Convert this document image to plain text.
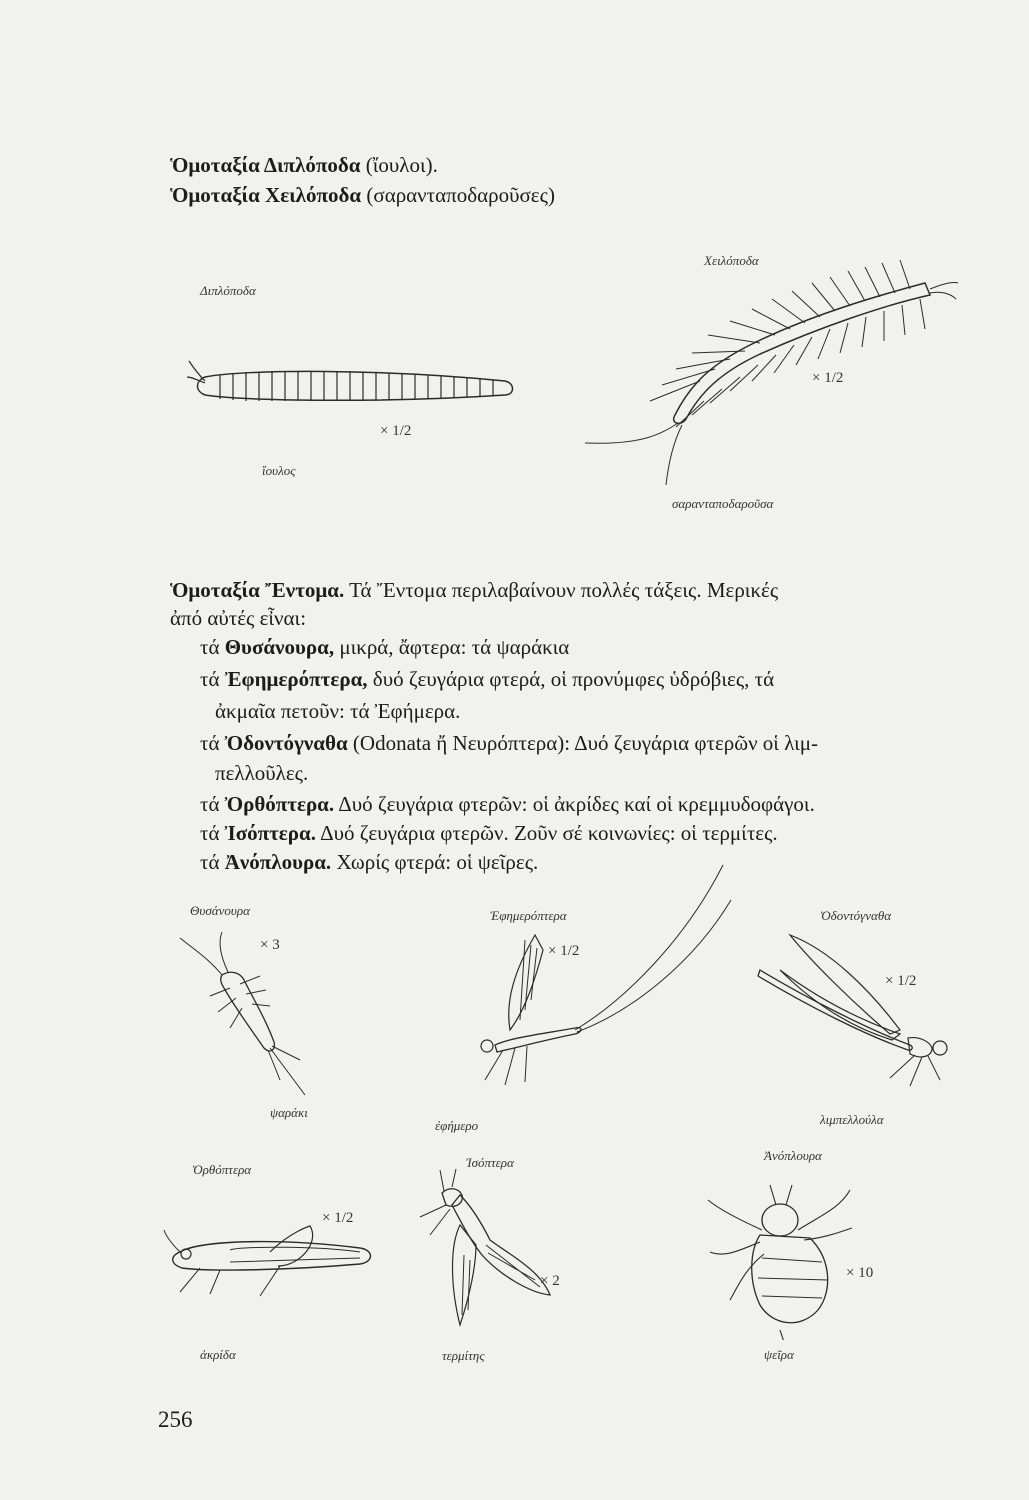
Ὁμοταξία Διπλόποδα (ἴουλοι).
Ὁμοταξία Χειλόποδα (σαρανταποδαροῦσες)
Διπλόποδα
× 1/2
ἴουλος
Χειλόποδα
× 1/2
σαρανταποδαροῦσα
Ὁμοταξία Ἔντομα. Τά Ἔντομα περιλαβαίνουν πολλές τάξεις. Μερικές
ἀπό αὐτές εἶναι:
τά Θυσάνουρα, μικρά, ἄφτερα: τά ψαράκια
τά Ἐφημερόπτερα, δυό ζευγάρια φτερά, οἱ προνύμφες ὑδρόβιες, τά
ἀκμαῖα πετοῦν: τά Ἐφήμερα.
τά Ὀδοντόγναθα (Odonata ἤ Νευρόπτερα): Δυό ζευγάρια φτερῶν οἱ λιμ-
πελλοῦλες.
τά Ὀρθόπτερα. Δυό ζευγάρια φτερῶν: οἱ ἀκρίδες καί οἱ κρεμμυδοφάγοι.
τά Ἰσόπτερα. Δυό ζευγάρια φτερῶν. Ζοῦν σέ κοινωνίες: οἱ τερμίτες.
τά Ἀνόπλουρα. Χωρίς φτερά: οἱ ψεῖρες.
Θυσάνουρα
× 3
ψαράκι
Ἐφημερόπτερα
× 1/2
ἐφήμερο
Ὀδοντόγναθα
× 1/2
λιμπελλούλα
Ὀρθόπτερα
× 1/2
ἀκρίδα
Ἰσόπτερα
× 2
τερμίτης
Ἀνόπλουρα
× 10
ψεῖρα
256
